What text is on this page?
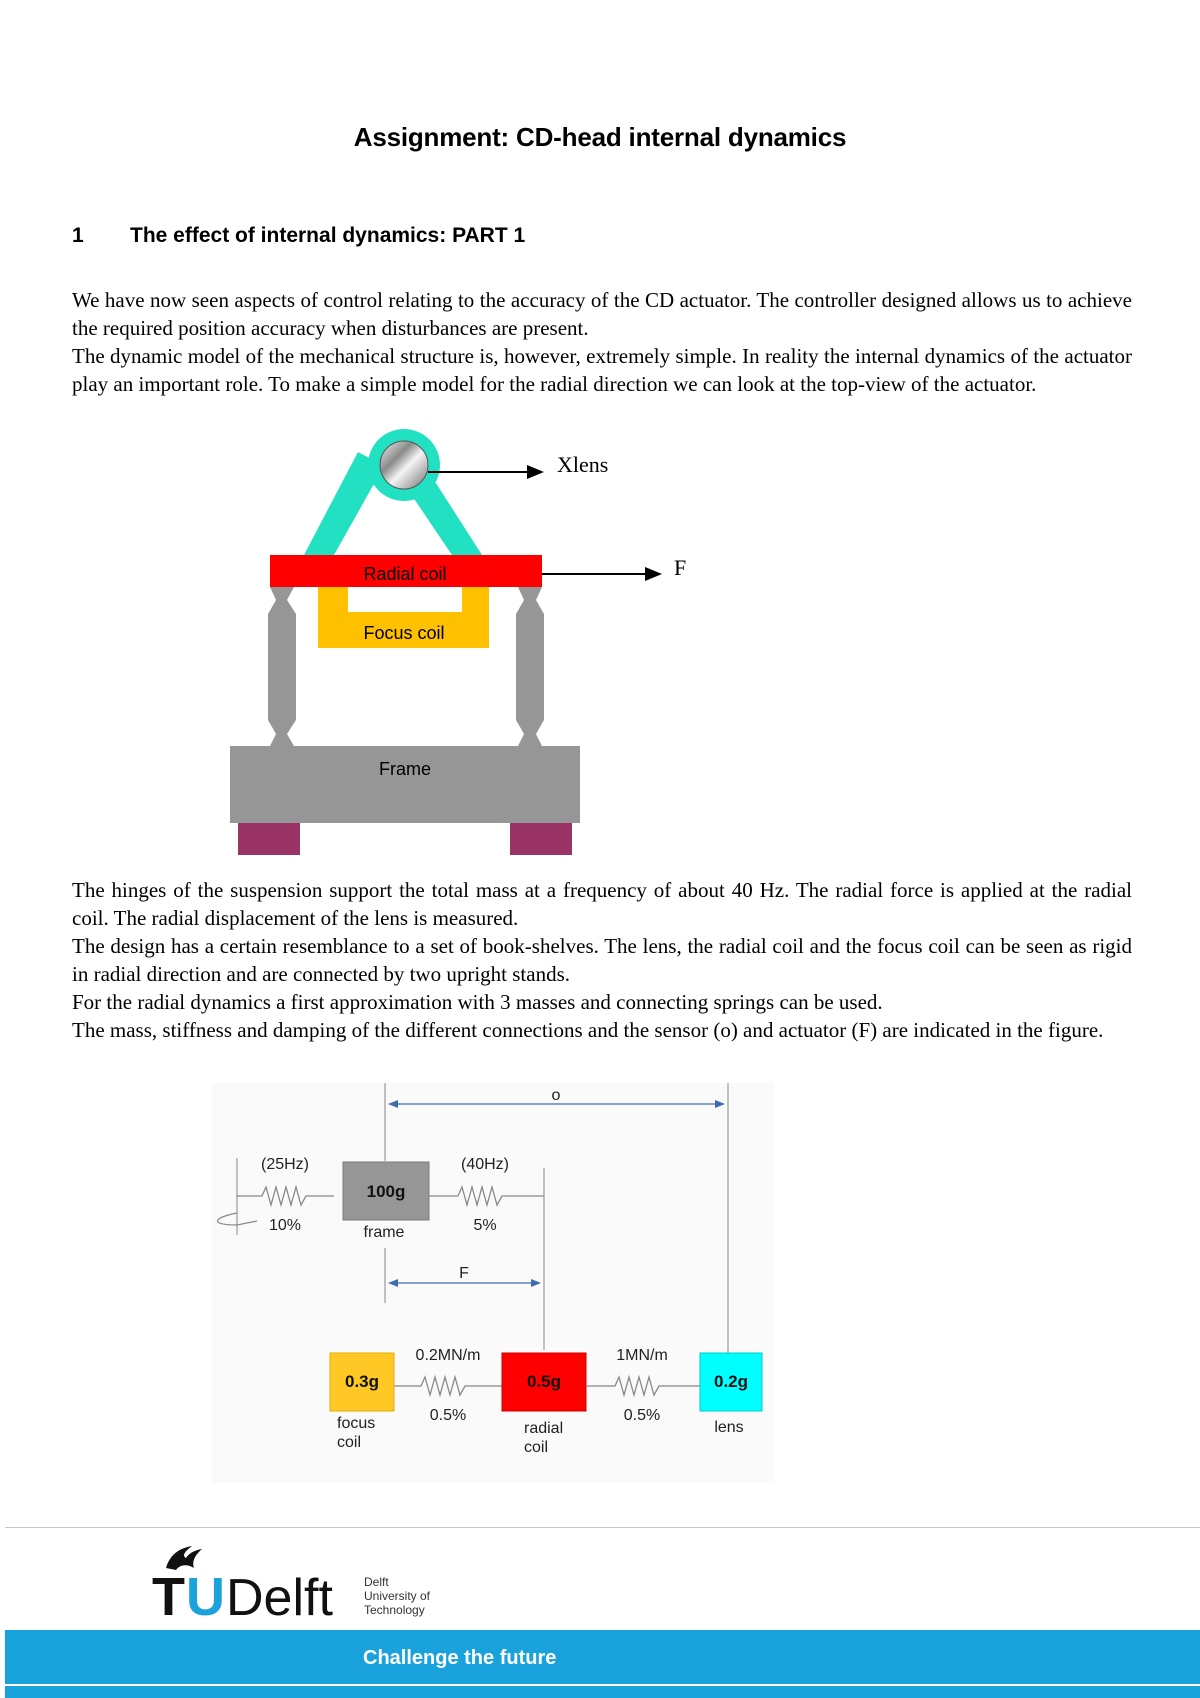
Assignment: CD-head internal dynamics
1 The effect of internal dynamics: PART 1

We have now seen aspects of control relating to the accuracy of the CD actuator. The controller designed allows us to achieve the required position accuracy when disturbances are present.

The dynamic model of the mechanical structure is, however, extremely simple. In reality the internal dynamics of the actuator play an important role. To make a simple model for the radial direction we can look at the top-view of the actuator.

Xlens
Radial coil	F
Focus coil
Frame

The hinges of the suspension support the total mass at a frequency of about 40 Hz. The radial force is applied at the radial coil. The radial displacement of the lens is measured.

The design has a certain resemblance to a set of book-shelves. The lens, the radial coil and the focus coil can be seen as rigid in radial direction and are connected by two upright stands.

For the radial dynamics a first approximation with 3 masses and connecting springs can be used.

The mass, stiffness and damping of the different connections and the sensor (o) and actuator (F) are indicated in the figure.

o
(25Hz)
10%
100g
frame
(40Hz)
5%
F
0.3g
focus
coil
0.2MN/m
0.5%
0.5g
radial
coil
1MN/m
0.5%
0.2g
lens
T U Delft	Delft
University of
Technology
Challenge the future
